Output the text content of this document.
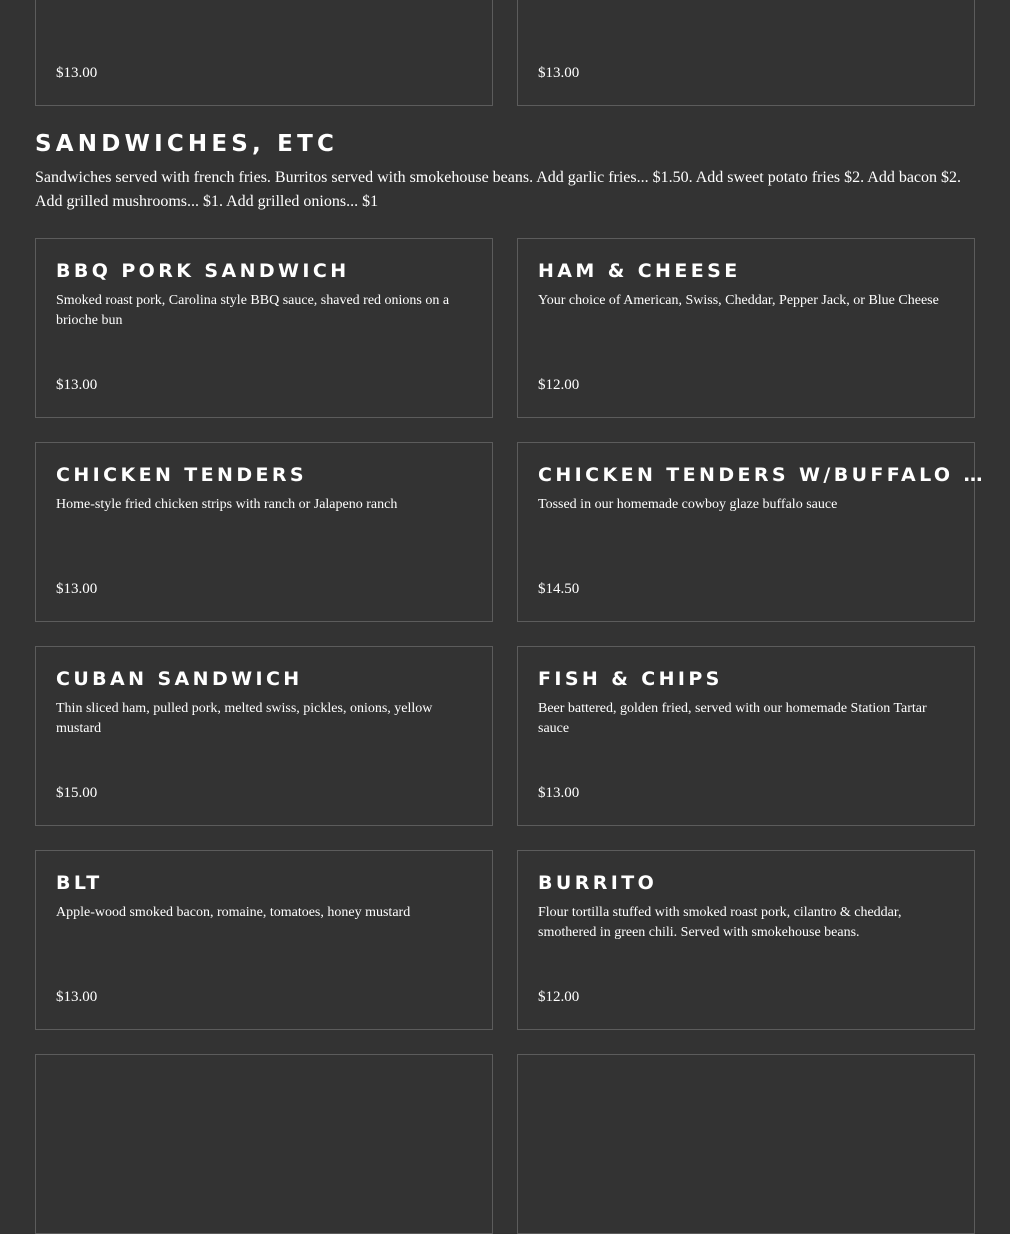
$13.00	$13.00
SANDWICHES, ETC
Sandwiches served with french fries. Burritos served with smokehouse beans. Add garlic fries... $1.50. Add sweet potato fries $2. Add bacon $2. Add grilled mushrooms... $1. Add grilled onions... $1
BBQ PORK SANDWICH
Smoked roast pork, Carolina style BBQ sauce, shaved red onions on a brioche bun
$13.00
HAM & CHEESE
Your choice of American, Swiss, Cheddar, Pepper Jack, or Blue Cheese
$12.00
CHICKEN TENDERS
Home-style fried chicken strips with ranch or Jalapeno ranch
$13.00
CHICKEN TENDERS W/BUFFALO …
Tossed in our homemade cowboy glaze buffalo sauce
$14.50
CUBAN SANDWICH
Thin sliced ham, pulled pork, melted swiss, pickles, onions, yellow mustard
$15.00
FISH & CHIPS
Beer battered, golden fried, served with our homemade Station Tartar sauce
$13.00
BLT
Apple-wood smoked bacon, romaine, tomatoes, honey mustard
$13.00
BURRITO
Flour tortilla stuffed with smoked roast pork, cilantro & cheddar, smothered in green chili. Served with smokehouse beans.
$12.00
